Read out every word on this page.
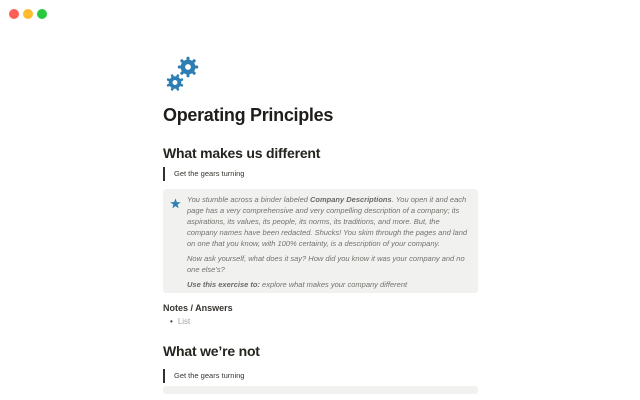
Operating Principles
What makes us different
Get the gears turning

You stumble across a binder labeled Company Descriptions. You open it and each page has a very comprehensive and very compelling description of a company; its aspirations, its values, its people, its norms, its traditions, and more. But, the company names have been redacted. Shucks! You skim through the pages and land on one that you know, with 100% certainty, is a description of your company.

Now ask yourself, what does it say? How did you know it was your company and no one else’s?

Use this exercise to: explore what makes your company different

Notes / Answers
• List
What we’re not
Get the gears turning
